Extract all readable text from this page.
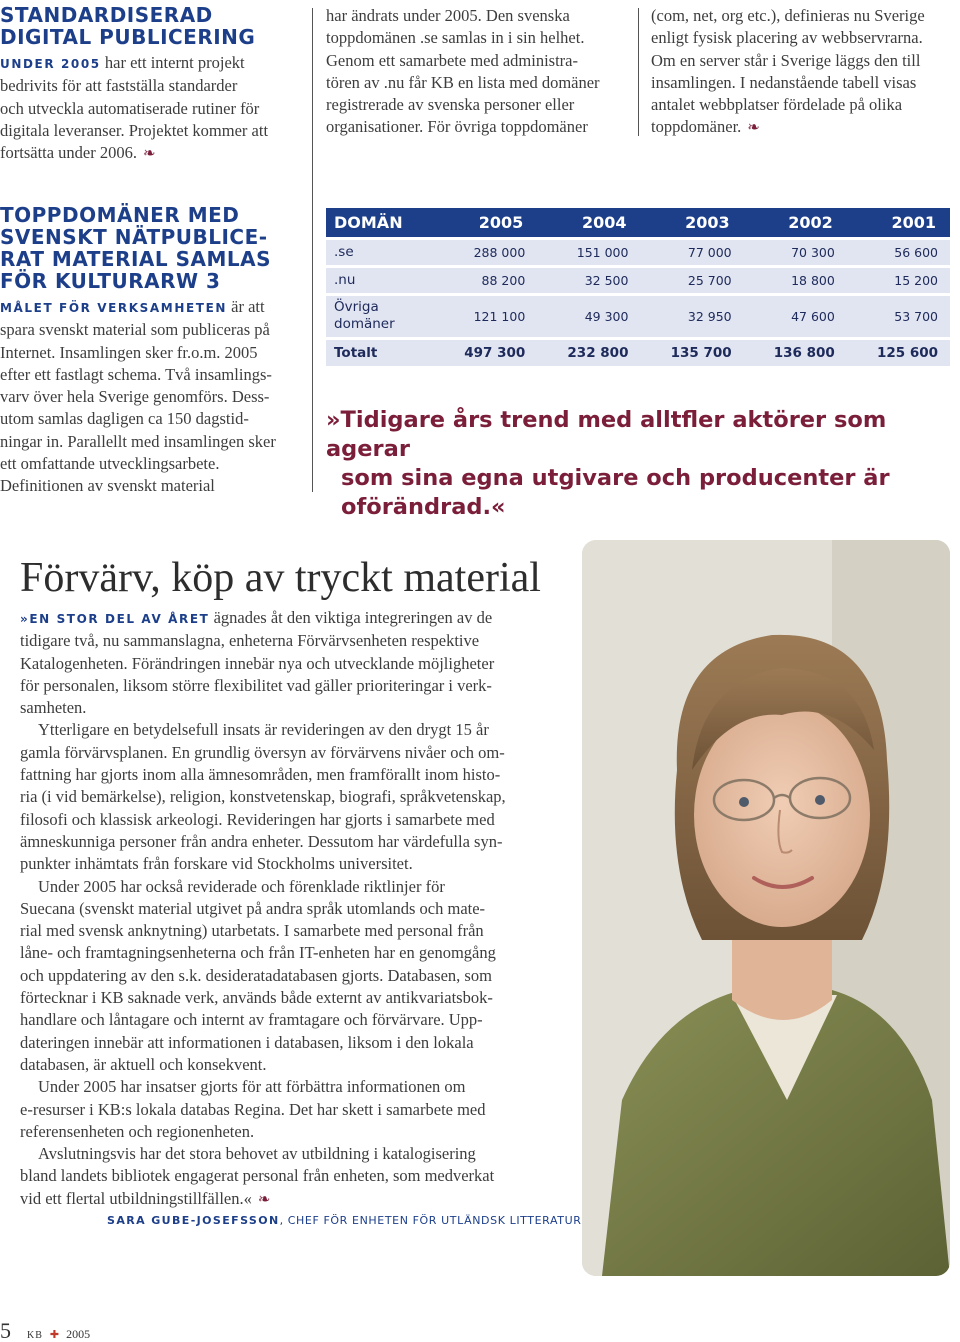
STANDARDISERAD
DIGITAL PUBLICERING
UNDER 2005 har ett internt projekt
bedrivits för att fastställa standarder
och utveckla automatiserade rutiner för
digitala leveranser. Projektet kommer att
fortsätta under 2006. ❧
har ändrats under 2005. Den svenska
toppdomänen .se samlas in i sin helhet.
Genom ett samarbete med administra-
tören av .nu får KB en lista med domäner
registrerade av svenska personer eller
organisationer. För övriga toppdomäner
(com, net, org etc.), definieras nu Sverige
enligt fysisk placering av webbservrarna.
Om en server står i Sverige läggs den till
insamlingen. I nedanstående tabell visas
antalet webbplatser fördelade på olika
toppdomäner. ❧
TOPPDOMÄNER MED
SVENSKT NÄTPUBLICE-
RAT MATERIAL SAMLAS
FÖR KULTURARW 3
MÅLET FÖR VERKSAMHETEN är att
spara svenskt material som publiceras på
Internet. Insamlingen sker fr.o.m. 2005
efter ett fastlagt schema. Två insamlings-
varv över hela Sverige genomförs. Dess-
utom samlas dagligen ca 150 dagstid-
ningar in. Parallellt med insamlingen sker
ett omfattande utvecklingsarbete.
Definitionen av svenskt material
DOMÄN	2005	2004	2003	2002	2001
.se	288 000	151 000	77 000	70 300	56 600
.nu	88 200	32 500	25 700	18 800	15 200

Övriga
domäner	121 100	49 300	32 950	47 600	53 700
Totalt	497 300	232 800	135 700	136 800	125 600
»Tidigare års trend med alltfler aktörer som agerar
som sina egna utgivare och producenter är
oförändrad.«
Förvärv, köp av tryckt material
»EN STOR DEL AV ÅRET ägnades åt den viktiga integreringen av de
tidigare två, nu sammanslagna, enheterna Förvärvsenheten respektive
Katalogenheten. Förändringen innebär nya och utvecklande möjligheter
för personalen, liksom större flexibilitet vad gäller prioriteringar i verk-
samheten.
Ytterligare en betydelsefull insats är revideringen av den drygt 15 år
gamla förvärvsplanen. En grundlig översyn av förvärvens nivåer och om-
fattning har gjorts inom alla ämnesområden, men framförallt inom histo-
ria (i vid bemärkelse), religion, konstvetenskap, biografi, språkvetenskap,
filosofi och klassisk arkeologi. Revideringen har gjorts i samarbete med
ämneskunniga personer från andra enheter. Dessutom har värdefulla syn-
punkter inhämtats från forskare vid Stockholms universitet.
Under 2005 har också reviderade och förenklade riktlinjer för
Suecana (svenskt material utgivet på andra språk utomlands och mate-
rial med svensk anknytning) utarbetats. I samarbete med personal från
låne- och framtagningsenheterna och från IT-enheten har en genomgång
och uppdatering av den s.k. desideratadatabasen gjorts. Databasen, som
förtecknar i KB saknade verk, används både externt av antikvariatsbok-
handlare och låntagare och internt av framtagare och förvärvare. Upp-
dateringen innebär att informationen i databasen, liksom i den lokala
databasen, är aktuell och konsekvent.
Under 2005 har insatser gjorts för att förbättra informationen om
e-resurser i KB:s lokala databas Regina. Det har skett i samarbete med
referensenheten och regionenheten.
Avslutningsvis har det stora behovet av utbildning i katalogisering
bland landets bibliotek engagerat personal från enheten, som medverkat
vid ett flertal utbildningstillfällen.« ❧
SARA GUBE-JOSEFSSON, CHEF FÖR ENHETEN FÖR UTLÄNDSK LITTERATUR
5 KB ✚ 2005
